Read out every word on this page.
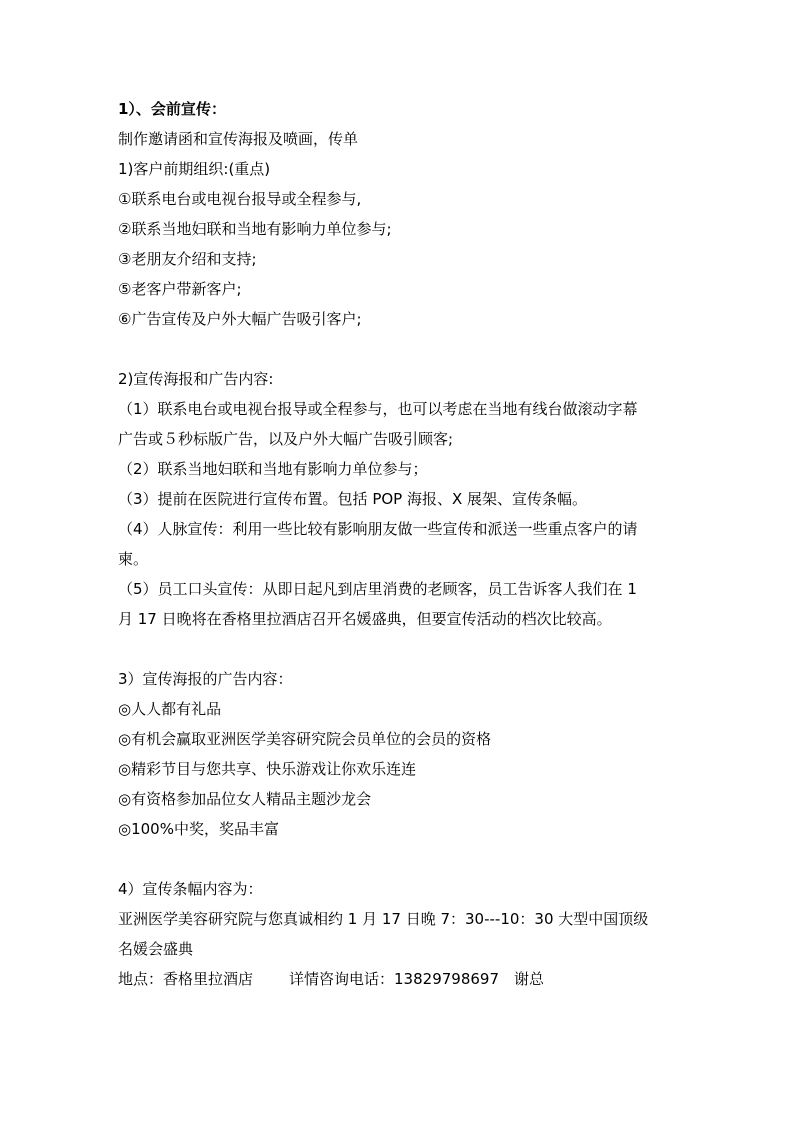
1）、会前宣传：
制作邀请函和宣传海报及喷画，传单
1)客户前期组织:(重点)
①联系电台或电视台报导或全程参与,
②联系当地妇联和当地有影响力单位参与;
③老朋友介绍和支持;
⑤老客户带新客户;
⑥广告宣传及户外大幅广告吸引客户;
2)宣传海报和广告内容:
（1）联系电台或电视台报导或全程参与，也可以考虑在当地有线台做滚动字幕
广告或５秒标版广告，以及户外大幅广告吸引顾客;
（2）联系当地妇联和当地有影响力单位参与；
（3）提前在医院进行宣传布置。包括 POP 海报、X 展架、宣传条幅。
（4）人脉宣传：利用一些比较有影响朋友做一些宣传和派送一些重点客户的请
柬。
（5）员工口头宣传：从即日起凡到店里消费的老顾客，员工告诉客人我们在 1
月 17 日晚将在香格里拉酒店召开名媛盛典，但要宣传活动的档次比较高。
3）宣传海报的广告内容：
◎人人都有礼品
◎有机会赢取亚洲医学美容研究院会员单位的会员的资格
◎精彩节目与您共享、快乐游戏让你欢乐连连
◎有资格参加品位女人精品主题沙龙会
◎100%中奖，奖品丰富
4）宣传条幅内容为：
亚洲医学美容研究院与您真诚相约 1 月 17 日晚 7：30---10：30 大型中国顶级
名媛会盛典
地点：香格里拉酒店 详情咨询电话：13829798697　谢总
